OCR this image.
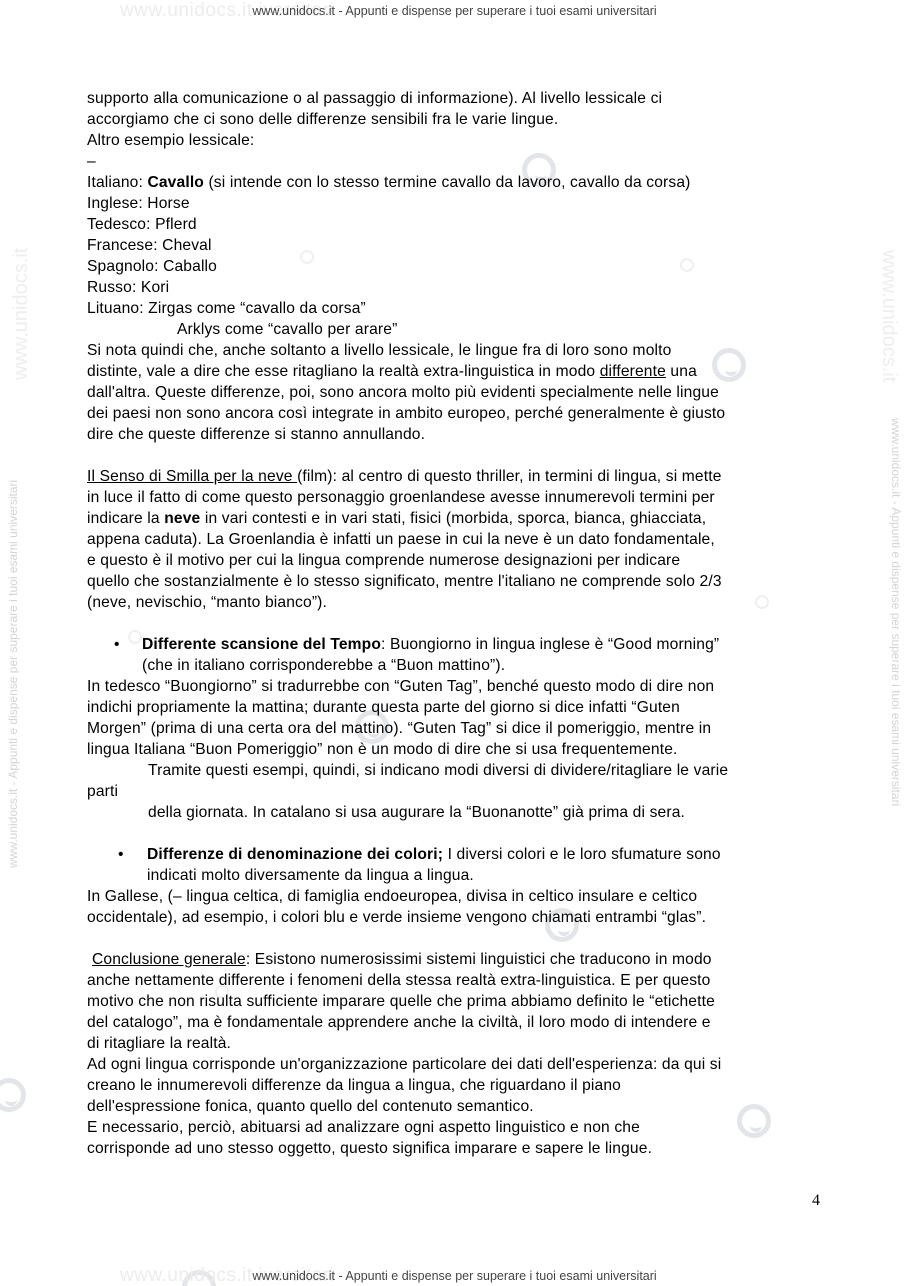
www.unidocs.it - Appunti e dispense per superare i tuoi esami universitari
www.unidocs.it
www.unidocs.it - Appunti e dispense per superare i tuoi esami universitari
www.unidocs.it
www.unidocs.it iversitari
www.unidocs.it - Appunti e dispense per superare i tuoi esami universitari
www.unidocs.it iversitari
www.unidocs.it - Appunti e dispense per superare i tuoi esami universitari

supporto alla comunicazione o al passaggio di informazione). Al livello lessicale ci

accorgiamo che ci sono delle differenze sensibili fra le varie lingue.

Altro esempio lessicale:

–

Italiano: Cavallo (si intende con lo stesso termine cavallo da lavoro, cavallo da corsa)

Inglese: Horse

Tedesco: Pflerd

Francese: Cheval

Spagnolo: Caballo

Russo: Kori

Lituano: Zirgas come “cavallo da corsa”

Arklys come “cavallo per arare”

Si nota quindi che, anche soltanto a livello lessicale, le lingue fra di loro sono molto

distinte, vale a dire che esse ritagliano la realtà extra-linguistica in modo differente una

dall'altra. Queste differenze, poi, sono ancora molto più evidenti specialmente nelle lingue

dei paesi non sono ancora così integrate in ambito europeo, perché generalmente è giusto

dire che queste differenze si stanno annullando.

Il Senso di Smilla per la neve (film): al centro di questo thriller, in termini di lingua, si mette

in luce il fatto di come questo personaggio groenlandese avesse innumerevoli termini per

indicare la neve in vari contesti e in vari stati, fisici (morbida, sporca, bianca, ghiacciata,

appena caduta). La Groenlandia è infatti un paese in cui la neve è un dato fondamentale,

e questo è il motivo per cui la lingua comprende numerose designazioni per indicare

quello che sostanzialmente è lo stesso significato, mentre l'italiano ne comprende solo 2/3

(neve, nevischio, “manto bianco”).

• Differente scansione del Tempo: Buongiorno in lingua inglese è “Good morning”

(che in italiano corrisponderebbe a “Buon mattino”).

In tedesco “Buongiorno” si tradurrebbe con “Guten Tag”, benché questo modo di dire non

indichi propriamente la mattina; durante questa parte del giorno si dice infatti “Guten

Morgen” (prima di una certa ora del mattino). “Guten Tag” si dice il pomeriggio, mentre in

lingua Italiana “Buon Pomeriggio” non è un modo di dire che si usa frequentemente.

Tramite questi esempi, quindi, si indicano modi diversi di dividere/ritagliare le varie

parti

della giornata. In catalano si usa augurare la “Buonanotte” già prima di sera.

• Differenze di denominazione dei colori; I diversi colori e le loro sfumature sono

indicati molto diversamente da lingua a lingua.

In Gallese, (– lingua celtica, di famiglia endoeuropea, divisa in celtico insulare e celtico

occidentale), ad esempio, i colori blu e verde insieme vengono chiamati entrambi “glas”.

Conclusione generale: Esistono numerosissimi sistemi linguistici che traducono in modo

anche nettamente differente i fenomeni della stessa realtà extra-linguistica. E per questo

motivo che non risulta sufficiente imparare quelle che prima abbiamo definito le “etichette

del catalogo”, ma è fondamentale apprendere anche la civiltà, il loro modo di intendere e

di ritagliare la realtà.

Ad ogni lingua corrisponde un'organizzazione particolare dei dati dell'esperienza: da qui si

creano le innumerevoli differenze da lingua a lingua, che riguardano il piano

dell'espressione fonica, quanto quello del contenuto semantico.

E necessario, perciò, abituarsi ad analizzare ogni aspetto linguistico e non che

corrisponde ad uno stesso oggetto, questo significa imparare e sapere le lingue.

4
